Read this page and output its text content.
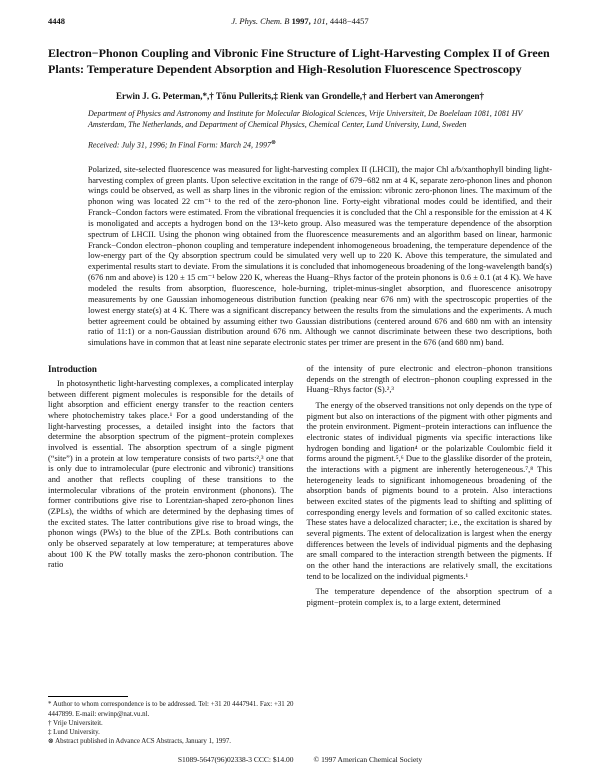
4448	J. Phys. Chem. B 1997, 101, 4448−4457
Electron−Phonon Coupling and Vibronic Fine Structure of Light-Harvesting Complex II of Green Plants: Temperature Dependent Absorption and High-Resolution Fluorescence Spectroscopy

Erwin J. G. Peterman,*,† Tõnu Pullerits,‡ Rienk van Grondelle,† and Herbert van Amerongen†

Department of Physics and Astronomy and Institute for Molecular Biological Sciences, Vrije Universiteit, De Boelelaan 1081, 1081 HV Amsterdam, The Netherlands, and Department of Chemical Physics, Chemical Center, Lund University, Lund, Sweden

Received: July 31, 1996; In Final Form: March 24, 1997⊗

Polarized, site-selected fluorescence was measured for light-harvesting complex II (LHCII), the major Chl a/b/xanthophyll binding light-harvesting complex of green plants. Upon selective excitation in the range of 679−682 nm at 4 K, separate zero-phonon lines and phonon wings could be observed, as well as sharp lines in the vibronic region of the emission: vibronic zero-phonon lines. The maximum of the phonon wing was located 22 cm⁻¹ to the red of the zero-phonon line. Forty-eight vibrational modes could be identified, and their Franck−Condon factors were estimated. From the vibrational frequencies it is concluded that the Chl a responsible for the emission at 4 K is monoligated and accepts a hydrogen bond on the 13¹-keto group. Also measured was the temperature dependence of the absorption spectrum of LHCII. Using the phonon wing obtained from the fluorescence measurements and an algorithm based on linear, harmonic Franck−Condon electron−phonon coupling and temperature independent inhomogeneous broadening, the temperature dependence of the low-energy part of the Qy absorption spectrum could be simulated very well up to 220 K. Above this temperature, the simulated and experimental results start to deviate. From the simulations it is concluded that inhomogeneous broadening of the long-wavelength band(s) (676 nm and above) is 120 ± 15 cm⁻¹ below 220 K, whereas the Huang−Rhys factor of the protein phonons is 0.6 ± 0.1 (at 4 K). We have modeled the results from absorption, fluorescence, hole-burning, triplet-minus-singlet absorption, and fluorescence anisotropy measurements by one Gaussian inhomogeneous distribution function (peaking near 676 nm) with the spectroscopic properties of the lowest energy state(s) at 4 K. There was a significant discrepancy between the results from the simulations and the experiments. A much better agreement could be obtained by assuming either two Gaussian distributions (centered around 676 and 680 nm with an intensity ratio of 11:1) or a non-Gaussian distribution around 676 nm. Although we cannot discriminate between these two descriptions, both simulations have in common that at least nine separate electronic states per trimer are present in the 676 (and 680 nm) band.

Introduction

In photosynthetic light-harvesting complexes, a complicated interplay between different pigment molecules is responsible for the details of light absorption and efficient energy transfer to the reaction centers where photochemistry takes place.¹ For a good understanding of the light-harvesting processes, a detailed insight into the factors that determine the absorption spectrum of the pigment−protein complexes involved is essential. The absorption spectrum of a single pigment (“site”) in a protein at low temperature consists of two parts:²,³ one that is only due to intramolecular (pure electronic and vibronic) transitions and another that reflects coupling of these transitions to the intermolecular vibrations of the protein environment (phonons). The former contributions give rise to Lorentzian-shaped zero-phonon lines (ZPLs), the widths of which are determined by the dephasing times of the excited states. The latter contributions give rise to broad wings, the phonon wings (PWs) to the blue of the ZPLs. Both contributions can only be observed separately at low temperature; at temperatures above about 100 K the PW totally masks the zero-phonon contribution. The ratio

* Author to whom correspondence is to be addressed. Tel: +31 20 4447941. Fax: +31 20 4447899. E-mail: erwinp@nat.vu.nl.

† Vrije Universiteit.

‡ Lund University.

⊗ Abstract published in Advance ACS Abstracts, January 1, 1997.

of the intensity of pure electronic and electron−phonon transitions depends on the strength of electron−phonon coupling expressed in the Huang−Rhys factor (S).²,³

The energy of the observed transitions not only depends on the type of pigment but also on interactions of the pigment with other pigments and the protein environment. Pigment−protein interactions can influence the electronic states of individual pigments via specific interactions like hydrogen bonding and ligation⁴ or the polarizable Coulombic field it forms around the pigment.⁵,⁶ Due to the glasslike disorder of the protein, the interactions with a pigment are inherently heterogeneous.⁷,⁸ This heterogeneity leads to significant inhomogeneous broadening of the absorption bands of pigments bound to a protein. Also interactions between excited states of the pigments lead to shifting and splitting of corresponding energy levels and formation of so called excitonic states. These states have a delocalized character; i.e., the excitation is shared by several pigments. The extent of delocalization is largest when the energy differences between the levels of individual pigments and the dephasing are small compared to the interaction strength between the pigments. If on the other hand the interactions are relatively small, the excitations tend to be localized on the individual pigments.¹

The temperature dependence of the absorption spectrum of a pigment−protein complex is, to a large extent, determined

S1089-5647(96)02338-3 CCC: $14.00	© 1997 American Chemical Society
